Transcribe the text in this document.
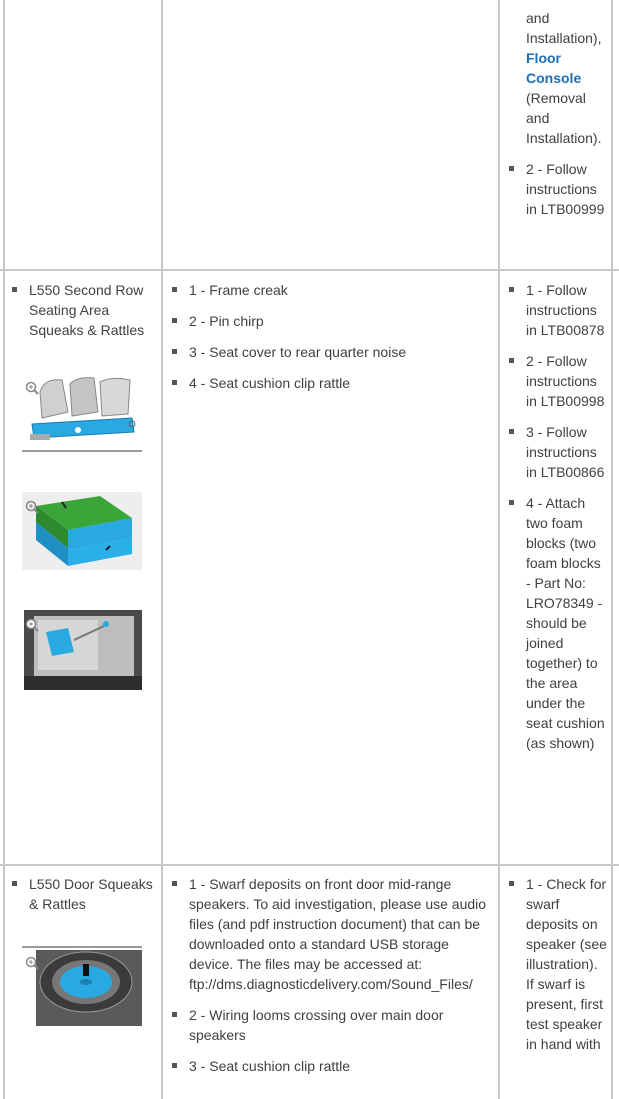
and
Installation),
Floor Console
(Removal and Installation).
2 - Follow instructions in LTB00999
L550 Second Row Seating Area Squeaks & Rattles
1 - Frame creak
2 - Pin chirp
3 - Seat cover to rear quarter noise
4 - Seat cushion clip rattle
1 - Follow instructions in LTB00878
2 - Follow instructions in LTB00998
3 - Follow instructions in LTB00866
4 - Attach two foam blocks (two foam blocks - Part No: LRO78349 - should be joined together) to the area under the seat cushion (as shown)
L550 Door Squeaks & Rattles
1 - Swarf deposits on front door mid-range speakers. To aid investigation, please use audio files (and pdf instruction document) that can be downloaded onto a standard USB storage device. The files may be accessed at: ftp://dms.diagnosticdelivery.com/Sound_Files/
2 - Wiring looms crossing over main door speakers
3 - Seat cushion clip rattle
1 - Check for swarf deposits on speaker (see illustration). If swarf is present, first test speaker in hand with
